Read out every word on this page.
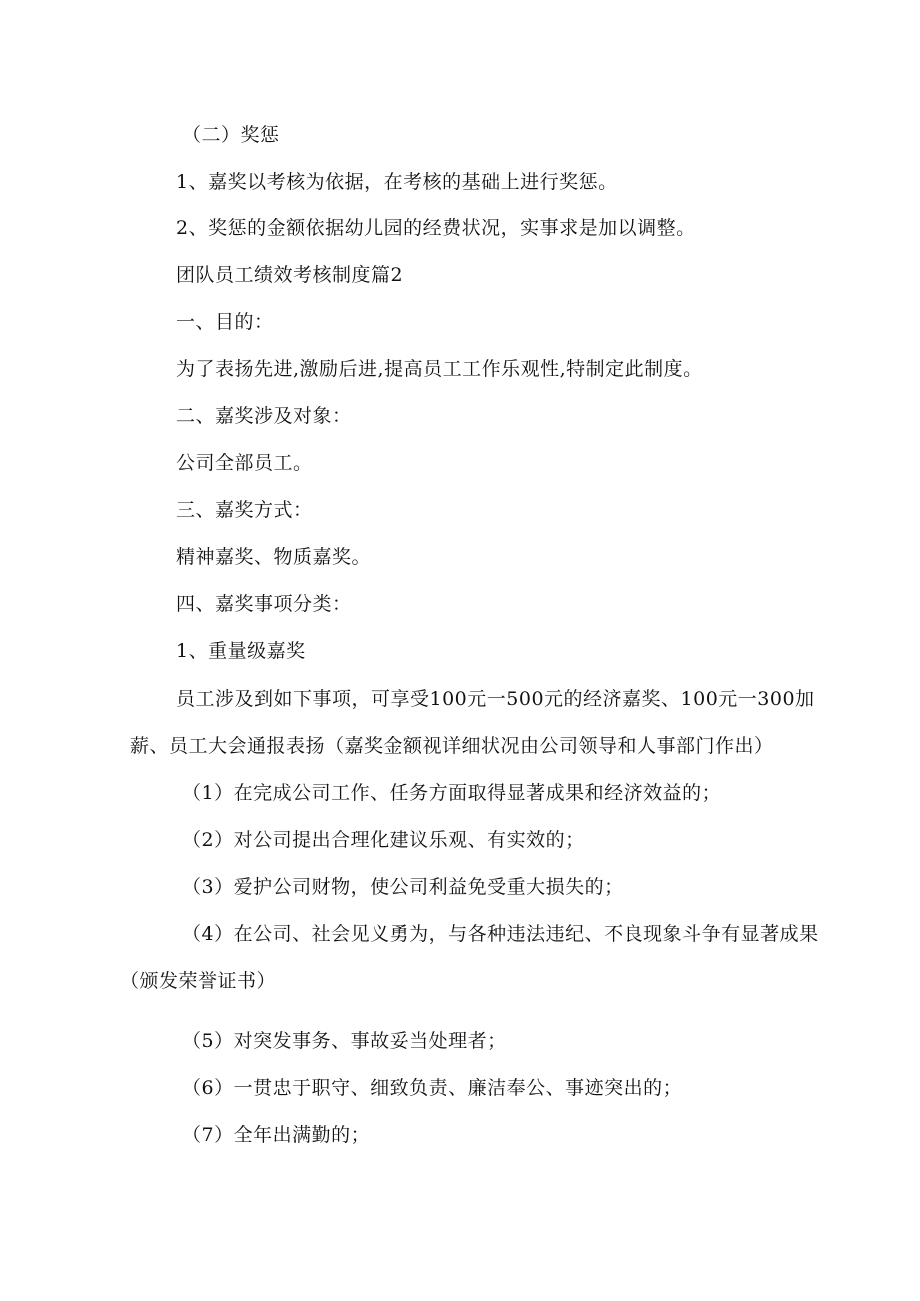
（二）奖惩
1、嘉奖以考核为依据，在考核的基础上进行奖惩。
2、奖惩的金额依据幼儿园的经费状况，实事求是加以调整。
团队员工绩效考核制度篇2
一、目的：
为了表扬先进,激励后进,提高员工工作乐观性,特制定此制度。
二、嘉奖涉及对象：
公司全部员工。
三、嘉奖方式：
精神嘉奖、物质嘉奖。
四、嘉奖事项分类：
1、重量级嘉奖
员工涉及到如下事项，可享受100元一500元的经济嘉奖、100元一300加
薪、员工大会通报表扬（嘉奖金额视详细状况由公司领导和人事部门作出）
（1）在完成公司工作、任务方面取得显著成果和经济效益的；
（2）对公司提出合理化建议乐观、有实效的；
（3）爱护公司财物，使公司利益免受重大损失的；
（4）在公司、社会见义勇为，与各种违法违纪、不良现象斗争有显著成果
（颁发荣誉证书）
（5）对突发事务、事故妥当处理者；
（6）一贯忠于职守、细致负责、廉洁奉公、事迹突出的；
（7）全年出满勤的；
